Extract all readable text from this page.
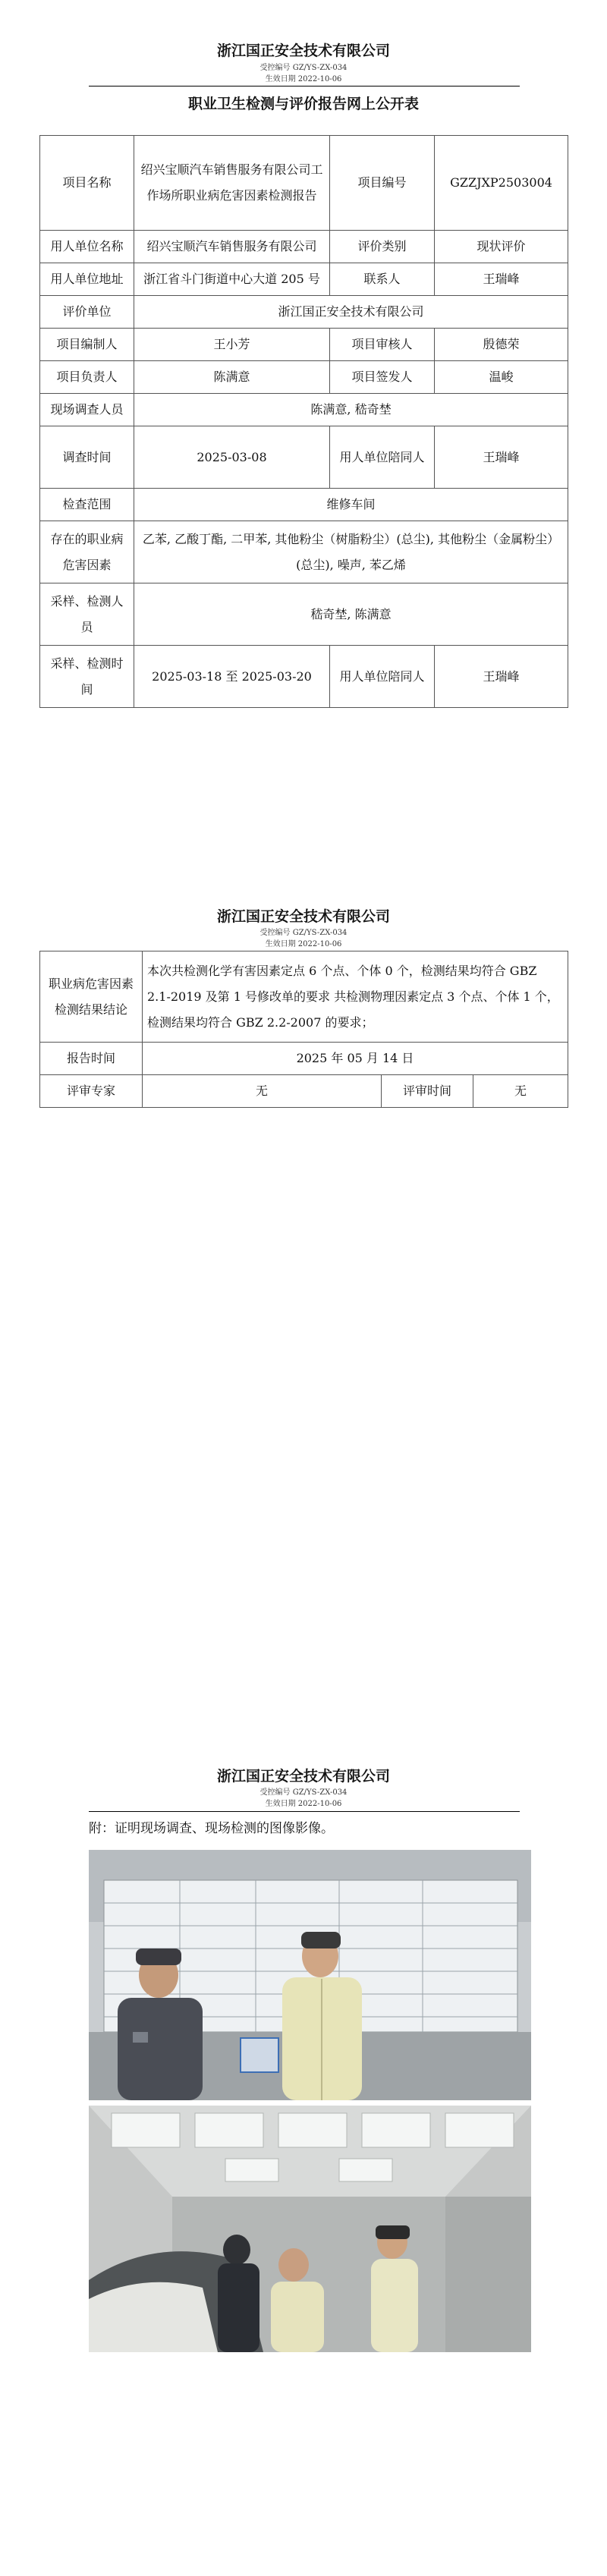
浙江国正安全技术有限公司
受控编号 GZ/YS-ZX-034
生效日期 2022-10-06
职业卫生检测与评价报告网上公开表
项目名称	绍兴宝顺汽车销售服务有限公司工作场所职业病危害因素检测报告	项目编号	GZZJXP2503004
用人单位名称	绍兴宝顺汽车销售服务有限公司	评价类别	现状评价
用人单位地址	浙江省斗门街道中心大道 205 号	联系人	王瑞峰
评价单位	浙江国正安全技术有限公司		
项目编制人	王小芳	项目审核人	殷德荣
项目负责人	陈满意	项目签发人	温峻
现场调查人员	陈满意, 嵇奇埜		
调查时间	2025-03-08	用人单位陪同人	王瑞峰
检查范围	维修车间		
存在的职业病危害因素	乙苯, 乙酸丁酯, 二甲苯, 其他粉尘（树脂粉尘）(总尘), 其他粉尘（金属粉尘）(总尘), 噪声, 苯乙烯		
采样、检测人员	嵇奇埜, 陈满意		
采样、检测时间	2025-03-18 至 2025-03-20	用人单位陪同人	王瑞峰
浙江国正安全技术有限公司
受控编号 GZ/YS-ZX-034
生效日期 2022-10-06
职业病危害因素检测结果结论	本次共检测化学有害因素定点 6 个点、个体 0 个，检测结果均符合 GBZ 2.1-2019 及第 1 号修改单的要求 共检测物理因素定点 3 个点、个体 1 个，检测结果均符合 GBZ 2.2-2007 的要求；		
报告时间	2025 年 05 月 14 日		
评审专家	无	评审时间	无
浙江国正安全技术有限公司
受控编号 GZ/YS-ZX-034
生效日期 2022-10-06
附：证明现场调查、现场检测的图像影像。
